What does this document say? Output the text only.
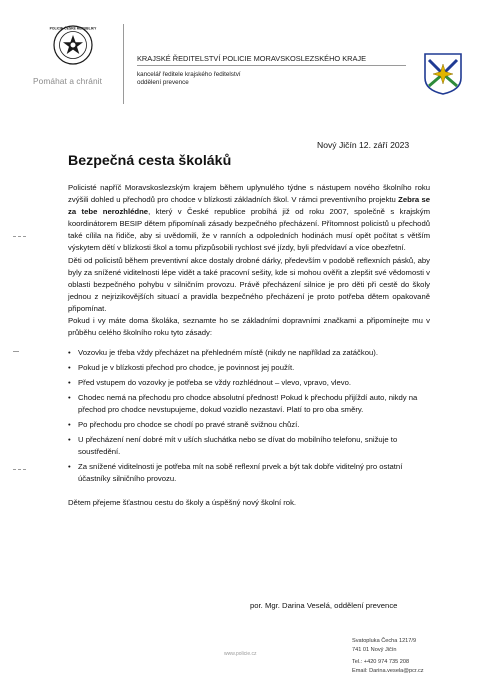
POLICIE ČESKÉ REPUBLIKY
Pomáhat a chránit
KRAJSKÉ ŘEDITELSTVÍ POLICIE MORAVSKOSLEZSKÉHO KRAJE
kancelář ředitele krajského ředitelství
oddělení prevence
Nový Jičín 12. září 2023
Bezpečná cesta školáků

Policisté napříč Moravskoslezským krajem během uplynulého týdne s nástupem nového školního roku zvýšili dohled u přechodů pro chodce v blízkosti základních škol. V rámci preventivního projektu Zebra se za tebe nerozhlédne, který v České republice probíhá již od roku 2007, společně s krajským koordinátorem BESIP dětem připomínali zásady bezpečného přecházení. Přítomnost policistů u přechodů také cílila na řidiče, aby si uvědomili, že v ranních a odpoledních hodinách musí opět počítat s větším výskytem dětí v blízkosti škol a tomu přizpůsobili rychlost své jízdy, byli předvídaví a více obezřetní.

Děti od policistů během preventivní akce dostaly drobné dárky, především v podobě reflexních pásků, aby byly za snížené viditelnosti lépe vidět a také pracovní sešity, kde si mohou ověřit a zlepšit své vědomosti v oblasti bezpečného pohybu v silničním provozu. Právě přecházení silnice je pro děti při cestě do školy jednou z nejrizikovějších situací a pravidla bezpečného přecházení je proto potřeba dětem opakovaně připomínat.

Pokud i vy máte doma školáka, seznamte ho se základními dopravními značkami a připomínejte mu v průběhu celého školního roku tyto zásady:

• Vozovku je třeba vždy přecházet na přehledném místě (nikdy ne například za zatáčkou).
• Pokud je v blízkosti přechod pro chodce, je povinnost jej použít.
• Před vstupem do vozovky je potřeba se vždy rozhlédnout – vlevo, vpravo, vlevo.
• Chodec nemá na přechodu pro chodce absolutní přednost! Pokud k přechodu přijíždí auto, nikdy na přechod pro chodce nevstupujeme, dokud vozidlo nezastaví. Platí to pro oba směry.
• Po přechodu pro chodce se chodí po pravé straně svižnou chůzí.
• U přecházení není dobré mít v uších sluchátka nebo se dívat do mobilního telefonu, snižuje to soustředění.
• Za snížené viditelnosti je potřeba mít na sobě reflexní prvek a být tak dobře viditelný pro ostatní účastníky silničního provozu.

Dětem přejeme šťastnou cestu do školy a úspěšný nový školní rok.

por. Mgr. Darina Veselá, oddělení prevence
www.policie.cz
Svatopluka Čecha 1217/9
741 01 Nový Jičín
Tel.: +420 974 735 208
Email: Darina.vesela@pcr.cz
